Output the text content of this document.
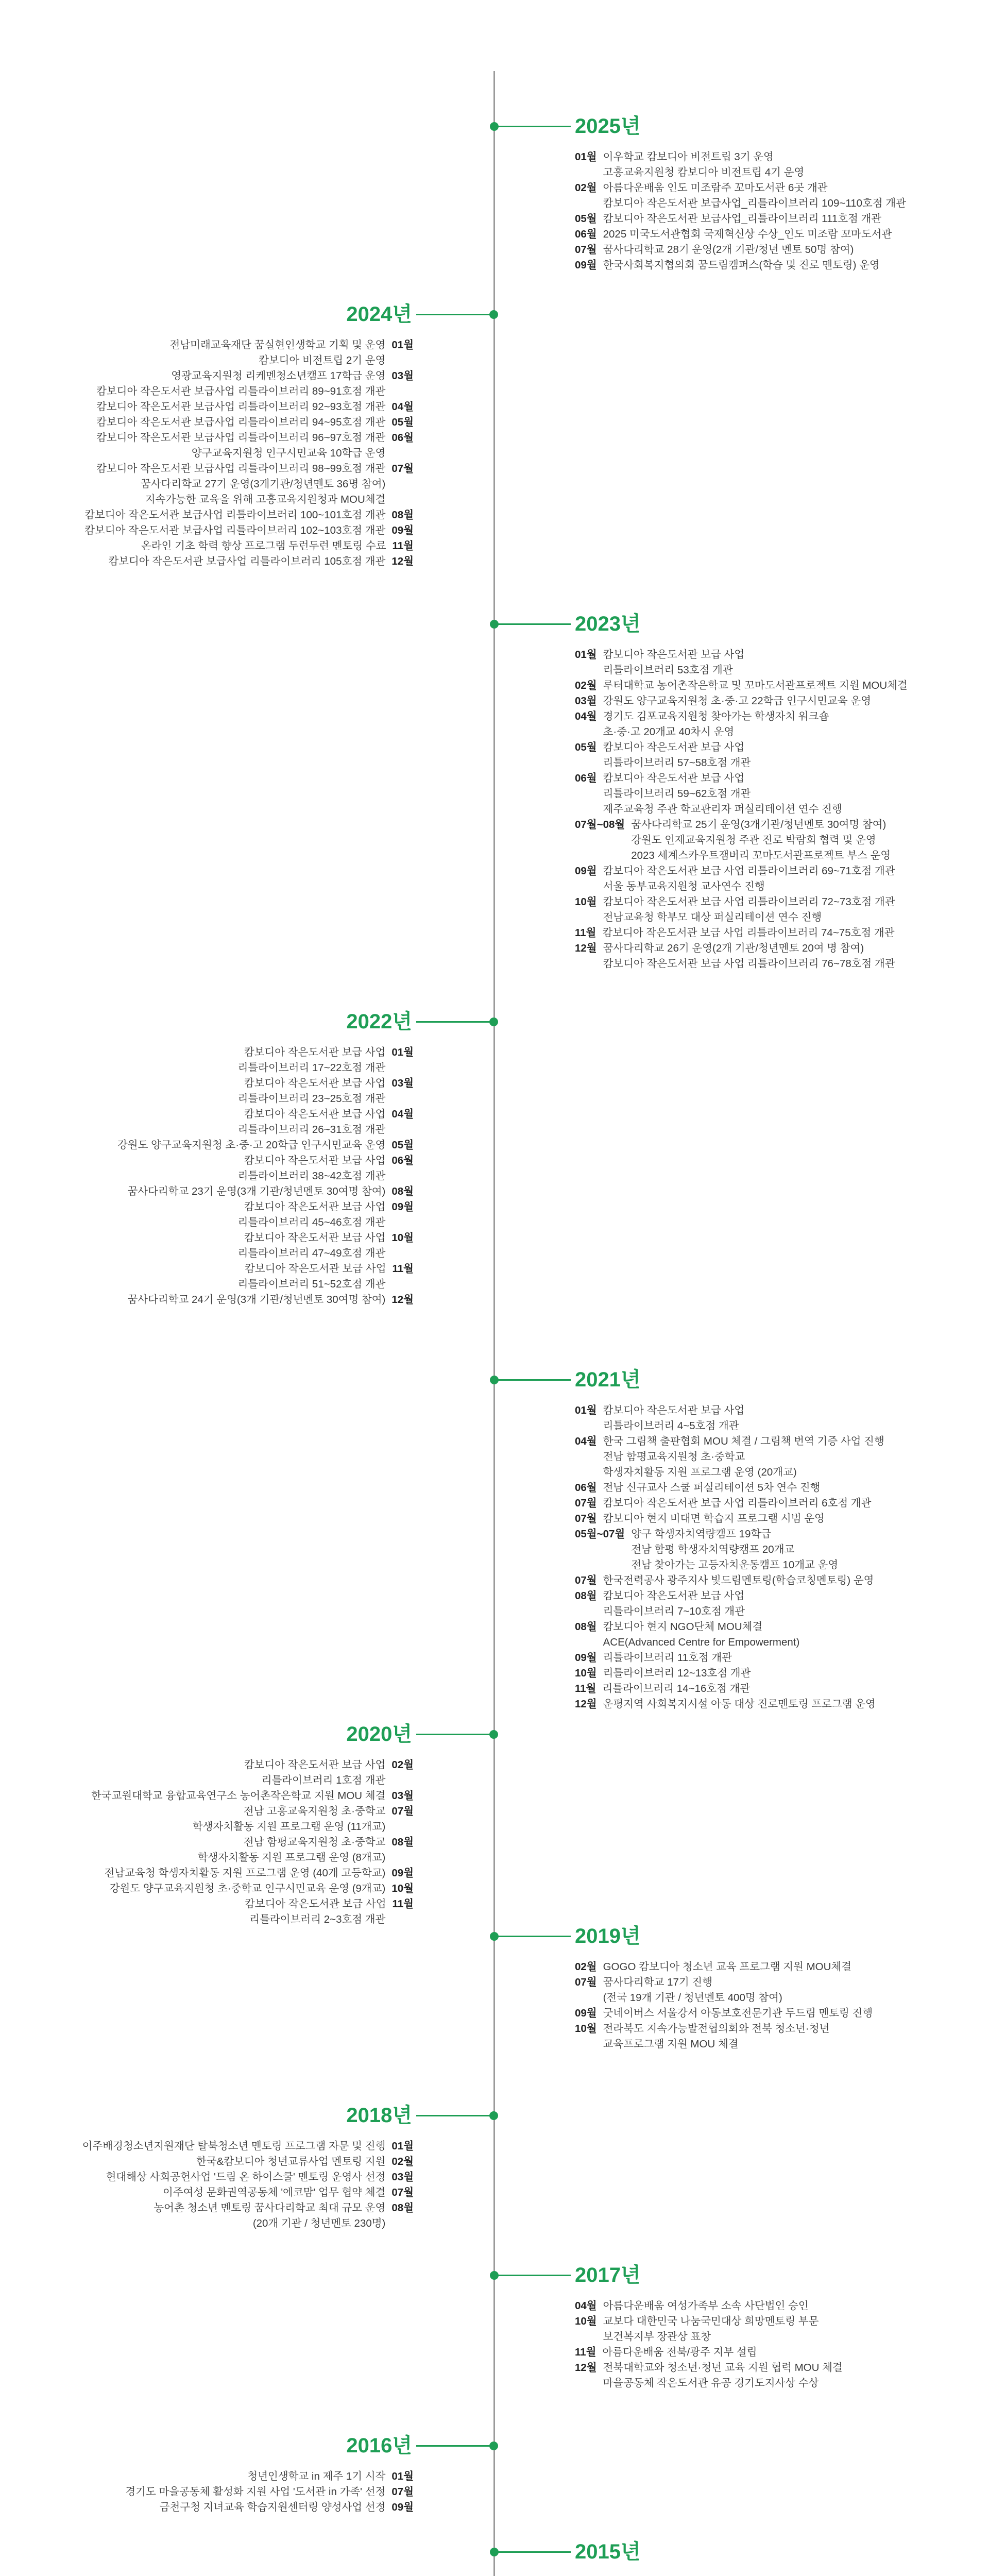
2025년
01월 이우학교 캄보디아 비전트립 3기 운영
고흥교육지원청 캄보디아 비전트립 4기 운영
02월 아름다운배움 인도 미조람주 꼬마도서관 6곳 개관
캄보디아 작은도서관 보급사업_리틀라이브러리 109~110호점 개관
05월 캄보디아 작은도서관 보급사업_리틀라이브러리 111호점 개관
06월 2025 미국도서관협회 국제혁신상 수상_인도 미조람 꼬마도서관
07월 꿈사다리학교 28기 운영(2개 기관/청년 멘토 50명 참여)
09월 한국사회복지협의회 꿈드림캠퍼스(학습 및 진로 멘토링) 운영
2024년
01월
전남미래교육재단 꿈실현인생학교 기획 및 운영
캄보디아 비전트립 2기 운영
03월
영광교육지원청 리케멘청소년캠프 17학급 운영
캄보디아 작은도서관 보급사업 리틀라이브러리 89~91호점 개관
04월
캄보디아 작은도서관 보급사업 리틀라이브러리 92~93호점 개관
05월
캄보디아 작은도서관 보급사업 리틀라이브러리 94~95호점 개관
06월
캄보디아 작은도서관 보급사업 리틀라이브러리 96~97호점 개관
양구교육지원청 인구시민교육 10학급 운영
07월
캄보디아 작은도서관 보급사업 리틀라이브러리 98~99호점 개관
꿈사다리학교 27기 운영(3개기관/청년멘토 36명 참여)
지속가능한 교육을 위해 고흥교육지원청과 MOU체결
08월
캄보디아 작은도서관 보급사업 리틀라이브러리 100~101호점 개관
09월
캄보디아 작은도서관 보급사업 리틀라이브러리 102~103호점 개관
11월
온라인 기초 학력 향상 프로그램 두런두런 멘토링 수료
12월
캄보디아 작은도서관 보급사업 리틀라이브러리 105호점 개관
2023년
01월 캄보디아 작은도서관 보급 사업
리틀라이브러리 53호점 개관
02월 루터대학교 농어촌작은학교 및 꼬마도서관프로젝트 지원 MOU체결
03월 강원도 양구교육지원청 초·중·고 22학급 인구시민교육 운영
04월 경기도 김포교육지원청 찾아가는 학생자치 워크숍
초·중·고 20개교 40차시 운영
05월 캄보디아 작은도서관 보급 사업
리틀라이브러리 57~58호점 개관
06월 캄보디아 작은도서관 보급 사업
리틀라이브러리 59~62호점 개관
제주교육청 주관 학교관리자 퍼실리테이션 연수 진행
07월~08월 꿈사다리학교 25기 운영(3개기관/청년멘토 30여명 참여)
강원도 인제교육지원청 주관 진로 박람회 협력 및 운영
2023 세계스카우트잼버리 꼬마도서관프로젝트 부스 운영
09월 캄보디아 작은도서관 보급 사업 리틀라이브러리 69~71호점 개관
서울 동부교육지원청 교사연수 진행
10월 캄보디아 작은도서관 보급 사업 리틀라이브러리 72~73호점 개관
전남교육청 학부모 대상 퍼실리테이션 연수 진행
11월 캄보디아 작은도서관 보급 사업 리틀라이브러리 74~75호점 개관
12월 꿈사다리학교 26기 운영(2개 기관/청년멘토 20여 명 참여)
캄보디아 작은도서관 보급 사업 리틀라이브러리 76~78호점 개관
2022년
01월
캄보디아 작은도서관 보급 사업
리틀라이브러리 17~22호점 개관
03월
캄보디아 작은도서관 보급 사업
리틀라이브러리 23~25호점 개관
04월
캄보디아 작은도서관 보급 사업
리틀라이브러리 26~31호점 개관
05월
강원도 양구교육지원청 초·중·고 20학급 인구시민교육 운영
06월
캄보디아 작은도서관 보급 사업
리틀라이브러리 38~42호점 개관
08월
꿈사다리학교 23기 운영(3개 기관/청년멘토 30여명 참여)
09월
캄보디아 작은도서관 보급 사업
리틀라이브러리 45~46호점 개관
10월
캄보디아 작은도서관 보급 사업
리틀라이브러리 47~49호점 개관
11월
캄보디아 작은도서관 보급 사업
리틀라이브러리 51~52호점 개관
12월
꿈사다리학교 24기 운영(3개 기관/청년멘토 30여명 참여)
2021년
01월 캄보디아 작은도서관 보급 사업
리틀라이브러리 4~5호점 개관
04월 한국 그림책 출판협회 MOU 체결 / 그림책 번역 기증 사업 진행
전남 함평교육지원청 초·중학교
학생자치활동 지원 프로그램 운영 (20개교)
06월 전남 신규교사 스쿨 퍼실리테이션 5차 연수 진행
07월 캄보디아 작은도서관 보급 사업 리틀라이브러리 6호점 개관
07월 캄보디아 현지 비대면 학습지 프로그램 시범 운영
05월~07월 양구 학생자치역량캠프 19학급
전남 함평 학생자치역량캠프 20개교
전남 찾아가는 고등자치운동캠프 10개교 운영
07월 한국전력공사 광주지사 빛드림멘토링(학습코칭멘토링) 운영
08월 캄보디아 작은도서관 보급 사업
리틀라이브러리 7~10호점 개관
08월 캄보디아 현지 NGO단체 MOU체결
ACE(Advanced Centre for Empowerment)
09월 리틀라이브러리 11호점 개관
10월 리틀라이브러리 12~13호점 개관
11월 리틀라이브러리 14~16호점 개관
12월 운평지역 사회복지시설 아동 대상 진로멘토링 프로그램 운영
2020년
02월
캄보디아 작은도서관 보급 사업
리틀라이브러리 1호점 개관
03월
한국교원대학교 융합교육연구소 농어촌작은학교 지원 MOU 체결
07월
전남 고흥교육지원청 초·중학교
학생자치활동 지원 프로그램 운영 (11개교)
08월
전남 함평교육지원청 초·중학교
학생자치활동 지원 프로그램 운영 (8개교)
09월
전남교육청 학생자치활동 지원 프로그램 운영 (40개 고등학교)
10월
강원도 양구교육지원청 초·중학교 인구시민교육 운영 (9개교)
11월
캄보디아 작은도서관 보급 사업
리틀라이브러리 2~3호점 개관
2019년
02월 GOGO 캄보디아 청소년 교육 프로그램 지원 MOU체결
07월 꿈사다리학교 17기 진행
(전국 19개 기관 / 청년멘토 400명 참여)
09월 굿네이버스 서울강서 아동보호전문기관 두드림 멘토링 진행
10월 전라북도 지속가능발전협의회와 전북 청소년·청년
교육프로그램 지원 MOU 체결
2018년
01월
이주배경청소년지원재단 탈북청소년 멘토링 프로그램 자문 및 진행
02월
한국&캄보디아 청년교류사업 멘토링 지원
03월
현대해상 사회공헌사업 '드림 온 하이스쿨' 멘토링 운영사 선정
07월
이주여성 문화권역공동체 '에코맘' 업무 협약 체결
08월
농어촌 청소년 멘토링 꿈사다리학교 최대 규모 운영
(20개 기관 / 청년멘토 230명)
2017년
04월 아름다운배움 여성가족부 소속 사단법인 승인
10월 교보다 대한민국 나눔국민대상 희망멘토링 부문
보건복지부 장관상 표창
11월 아름다운배움 전북/광주 지부 설립
12월 전북대학교와 청소년·청년 교육 지원 협력 MOU 체결
마을공동체 작은도서관 유공 경기도지사상 수상
2016년
01월
청년인생학교 in 제주 1기 시작
07월
경기도 마을공동체 활성화 지원 사업 '도서관 in 가족' 선정
09월
금천구청 지녀교육 학습지원센터링 양성사업 선정
2015년
